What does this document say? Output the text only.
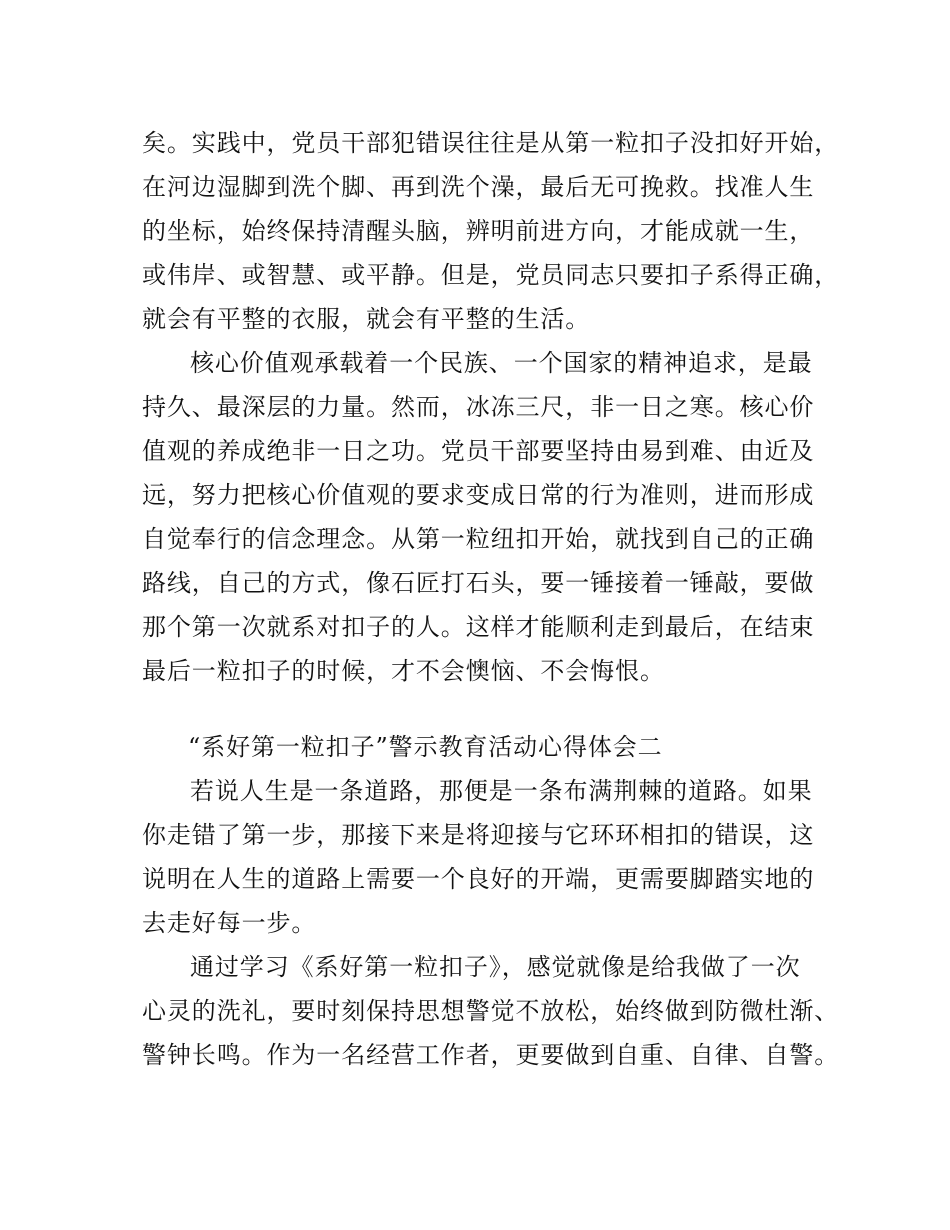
矣。实践中，党员干部犯错误往往是从第一粒扣子没扣好开始，
在河边湿脚到洗个脚、再到洗个澡，最后无可挽救。找准人生
的坐标，始终保持清醒头脑，辨明前进方向，才能成就一生，
或伟岸、或智慧、或平静。但是，党员同志只要扣子系得正确，
就会有平整的衣服，就会有平整的生活。
核心价值观承载着一个民族、一个国家的精神追求，是最
持久、最深层的力量。然而，冰冻三尺，非一日之寒。核心价
值观的养成绝非一日之功。党员干部要坚持由易到难、由近及
远，努力把核心价值观的要求变成日常的行为准则，进而形成
自觉奉行的信念理念。从第一粒纽扣开始，就找到自己的正确
路线，自己的方式，像石匠打石头，要一锤接着一锤敲，要做
那个第一次就系对扣子的人。这样才能顺利走到最后，在结束
最后一粒扣子的时候，才不会懊恼、不会悔恨。
“系好第一粒扣子”警示教育活动心得体会二
若说人生是一条道路，那便是一条布满荆棘的道路。如果
你走错了第一步，那接下来是将迎接与它环环相扣的错误，这
说明在人生的道路上需要一个良好的开端，更需要脚踏实地的
去走好每一步。
通过学习《系好第一粒扣子》，感觉就像是给我做了一次
心灵的洗礼，要时刻保持思想警觉不放松，始终做到防微杜渐、
警钟长鸣。作为一名经营工作者，更要做到自重、自律、自警。
